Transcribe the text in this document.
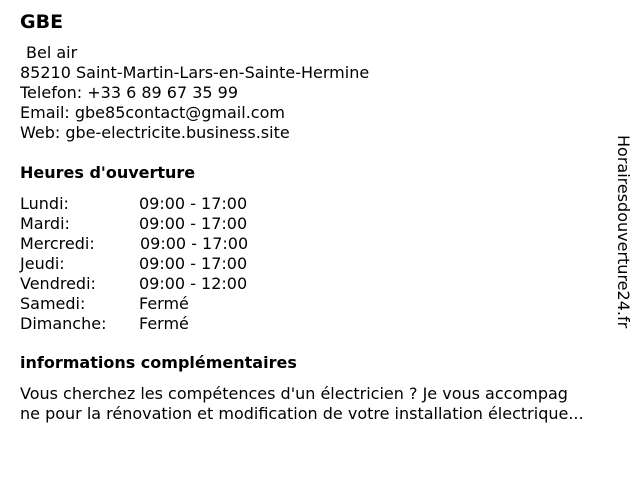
GBE
Bel air
85210 Saint-Martin-Lars-en-Sainte-Hermine
Telefon: +33 6 89 67 35 99
Email: gbe85contact@gmail.com
Web: gbe-electricite.business.site
Heures d'ouverture
Lundi:	09:00 - 17:00
Mardi:	09:00 - 17:00
Mercredi:	09:00 - 17:00
Jeudi:	09:00 - 17:00
Vendredi:	09:00 - 12:00
Samedi:	Fermé
Dimanche: Fermé
informations complémentaires
Vous cherchez les compétences d'un électricien ? Je vous accompag
ne pour la rénovation et modification de votre installation électrique...
Horairesdouverture24.fr
